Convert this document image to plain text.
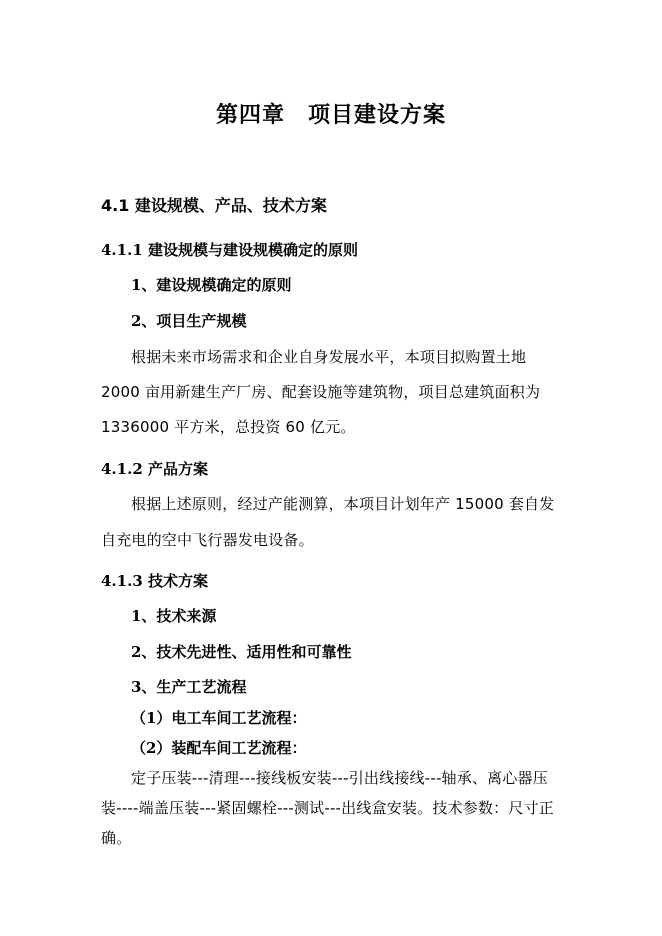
第四章　项目建设方案
4.1 建设规模、产品、技术方案
4.1.1 建设规模与建设规模确定的原则
1、建设规模确定的原则
2、项目生产规模
根据未来市场需求和企业自身发展水平，本项目拟购置土地
2000 亩用新建生产厂房、配套设施等建筑物，项目总建筑面积为
1336000 平方米，总投资 60 亿元。
4.1.2 产品方案
根据上述原则，经过产能测算，本项目计划年产 15000 套自发
自充电的空中飞行器发电设备。
4.1.3 技术方案
1、技术来源
2、技术先进性、适用性和可靠性
3、生产工艺流程
（1）电工车间工艺流程：
（2）装配车间工艺流程：
定子压装---清理---接线板安装---引出线接线---轴承、离心器压
装----端盖压装---紧固螺栓---测试---出线盒安装。技术参数：尺寸正
确。
